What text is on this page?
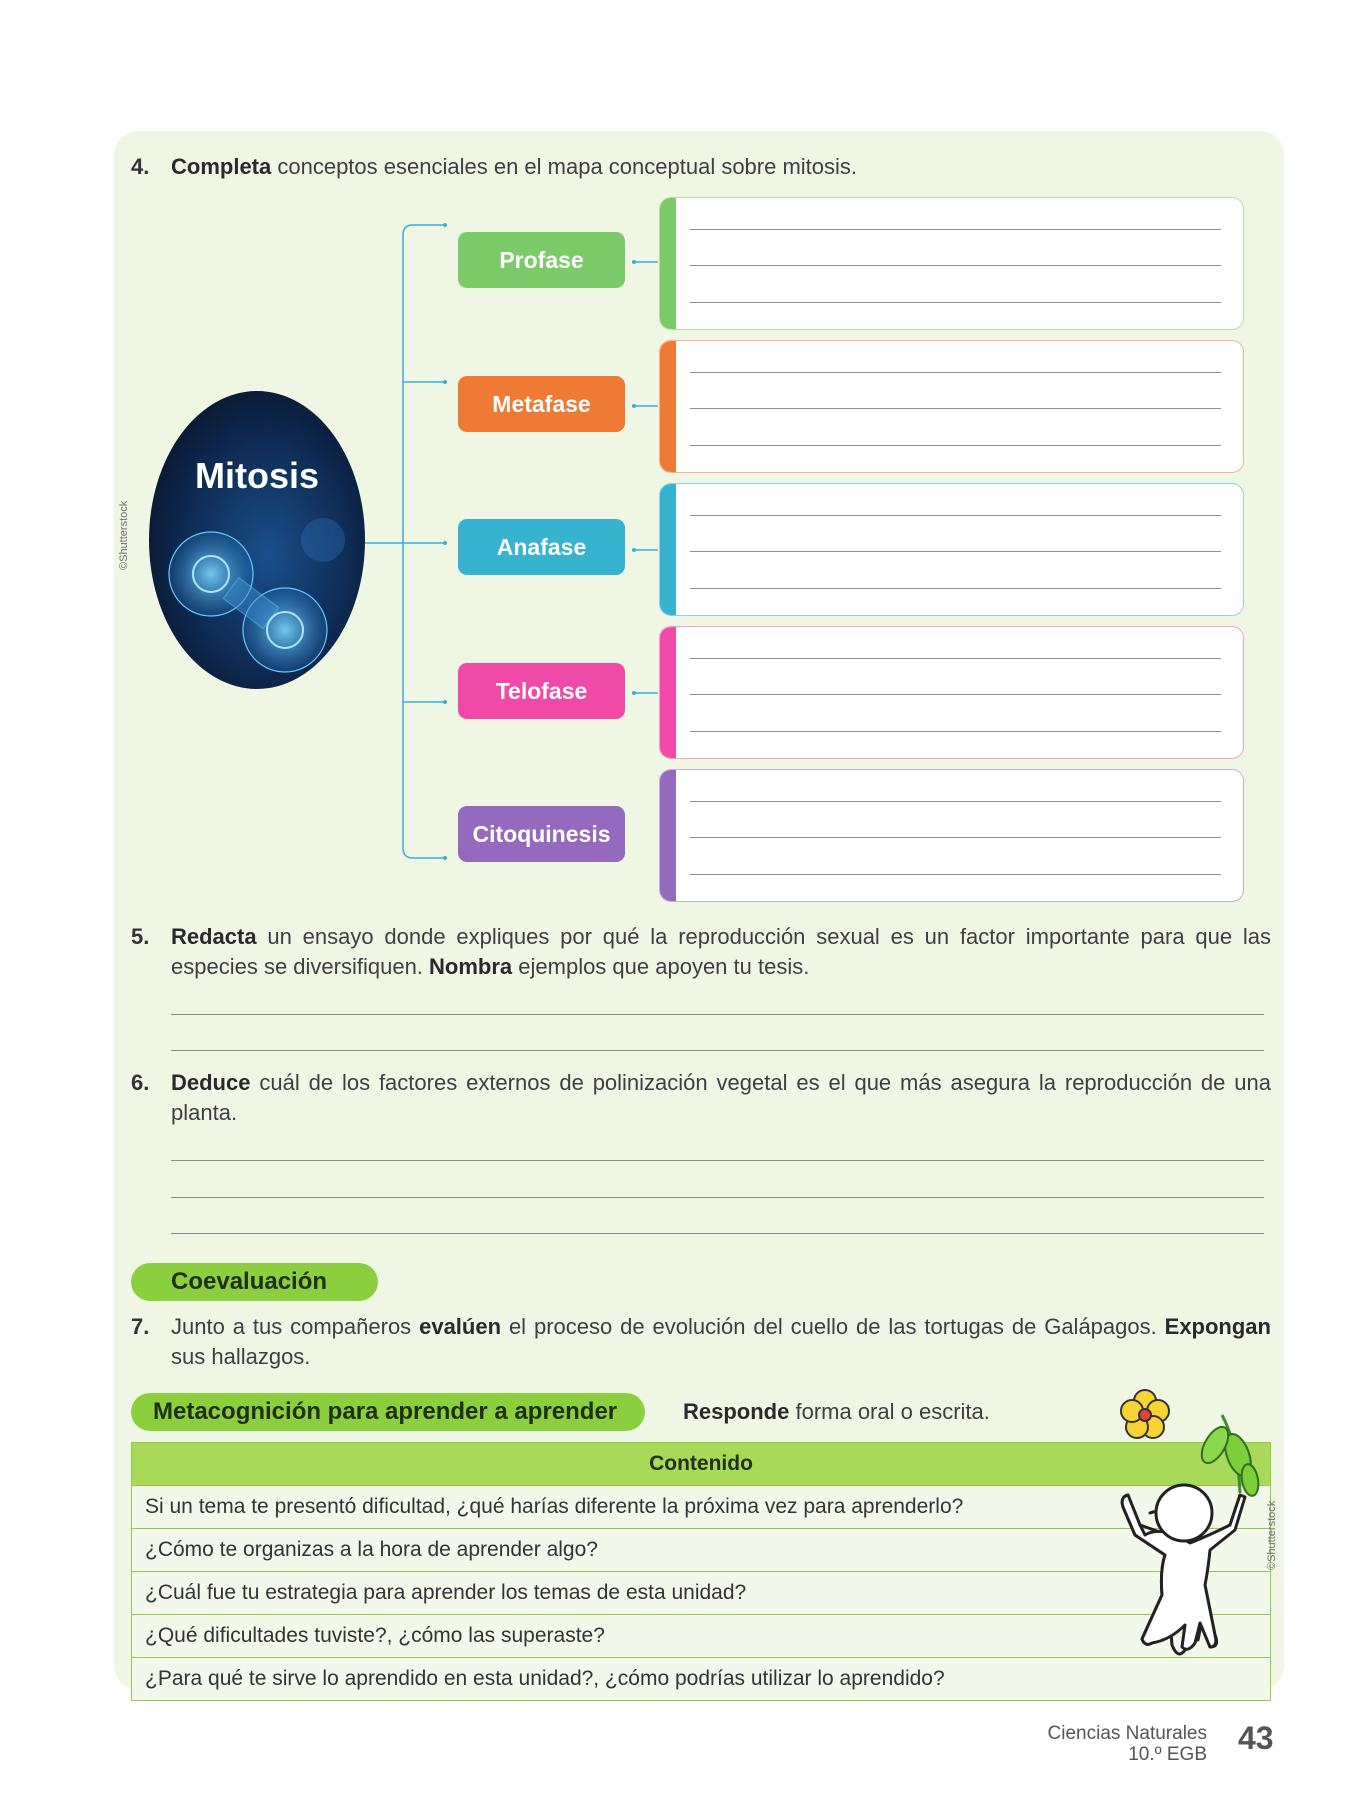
4. Completa conceptos esenciales en el mapa conceptual sobre mitosis.
©Shutterstock
Mitosis
Profase
Metafase
Anafase
Telofase
Citoquinesis
5. Redacta un ensayo donde expliques por qué la reproducción sexual es un factor importante para que las especies se diversifiquen. Nombra ejemplos que apoyen tu tesis.
6. Deduce cuál de los factores externos de polinización vegetal es el que más asegura la reproducción de una planta.
Coevaluación
7. Junto a tus compañeros evalúen el proceso de evolución del cuello de las tortugas de Galápagos. Expongan sus hallazgos.
Metacognición para aprender a aprender	Responde forma oral o escrita.
Contenido
Si un tema te presentó dificultad, ¿qué harías diferente la próxima vez para aprenderlo?
¿Cómo te organizas a la hora de aprender algo?
¿Cuál fue tu estrategia para aprender los temas de esta unidad?
¿Qué dificultades tuviste?, ¿cómo las superaste?
¿Para qué te sirve lo aprendido en esta unidad?, ¿cómo podrías utilizar lo aprendido?
©Shutterstock
Ciencias Naturales
10.º EGB 43
